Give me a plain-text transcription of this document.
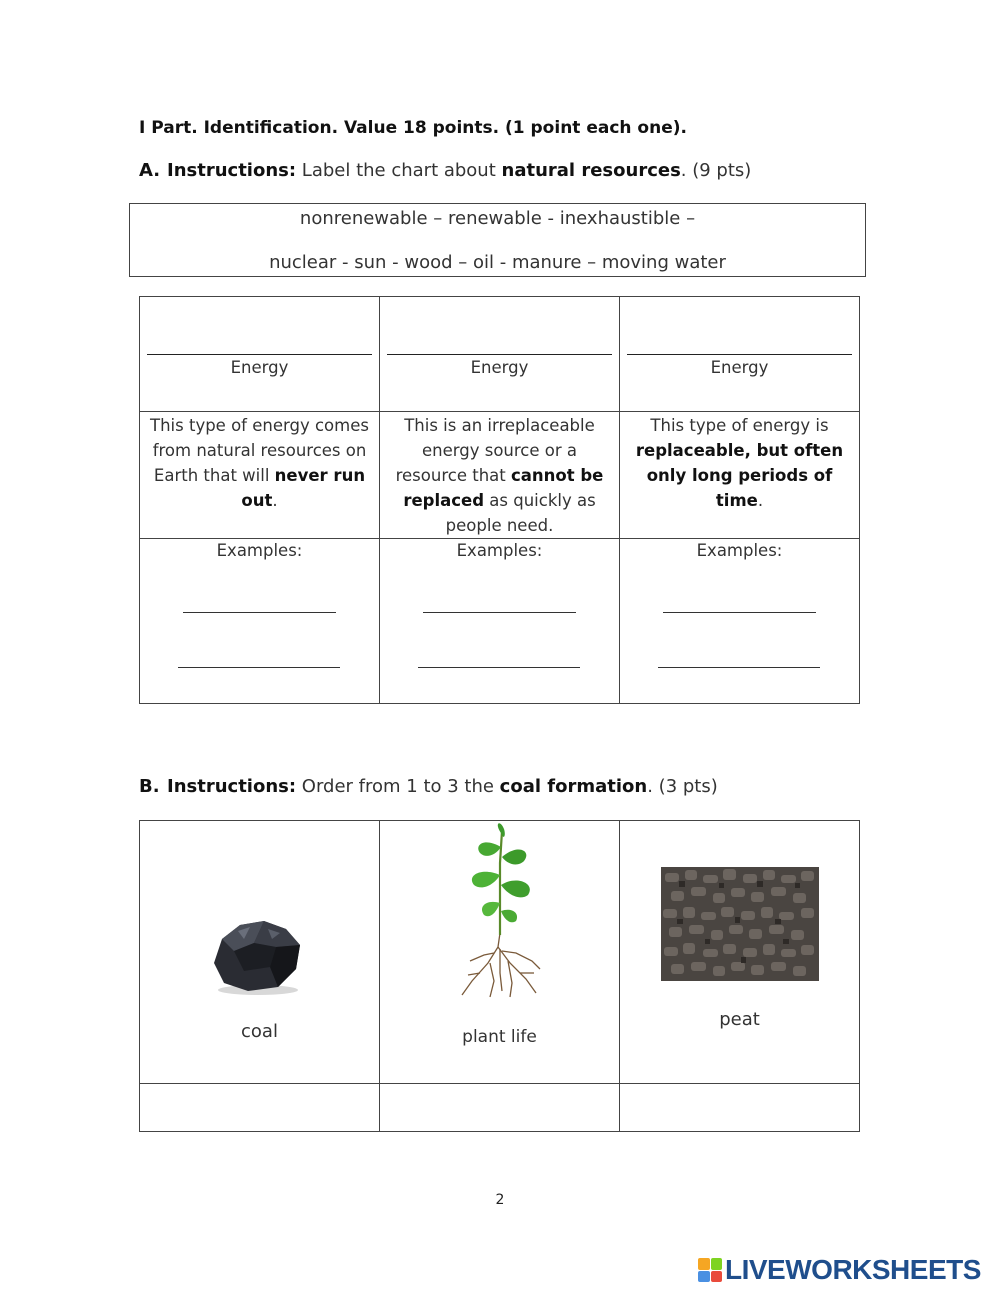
I Part. Identification. Value 18 points. (1 point each one).
A. Instructions: Label the chart about natural resources. (9 pts)
nonrenewable – renewable - inexhaustible –
nuclear - sun - wood – oil - manure – moving water
Energy	Energy	Energy

This type of energy comes from natural resources on Earth that will never run out.	This is an irreplaceable energy source or a resource that cannot be replaced as quickly as people need.	This type of energy is replaceable, but often only long periods of time.

Examples:	Examples:	Examples:
B. Instructions: Order from 1 to 3 the coal formation. (3 pts)
coal	plant life	peat

2
LIVEWORKSHEETS
